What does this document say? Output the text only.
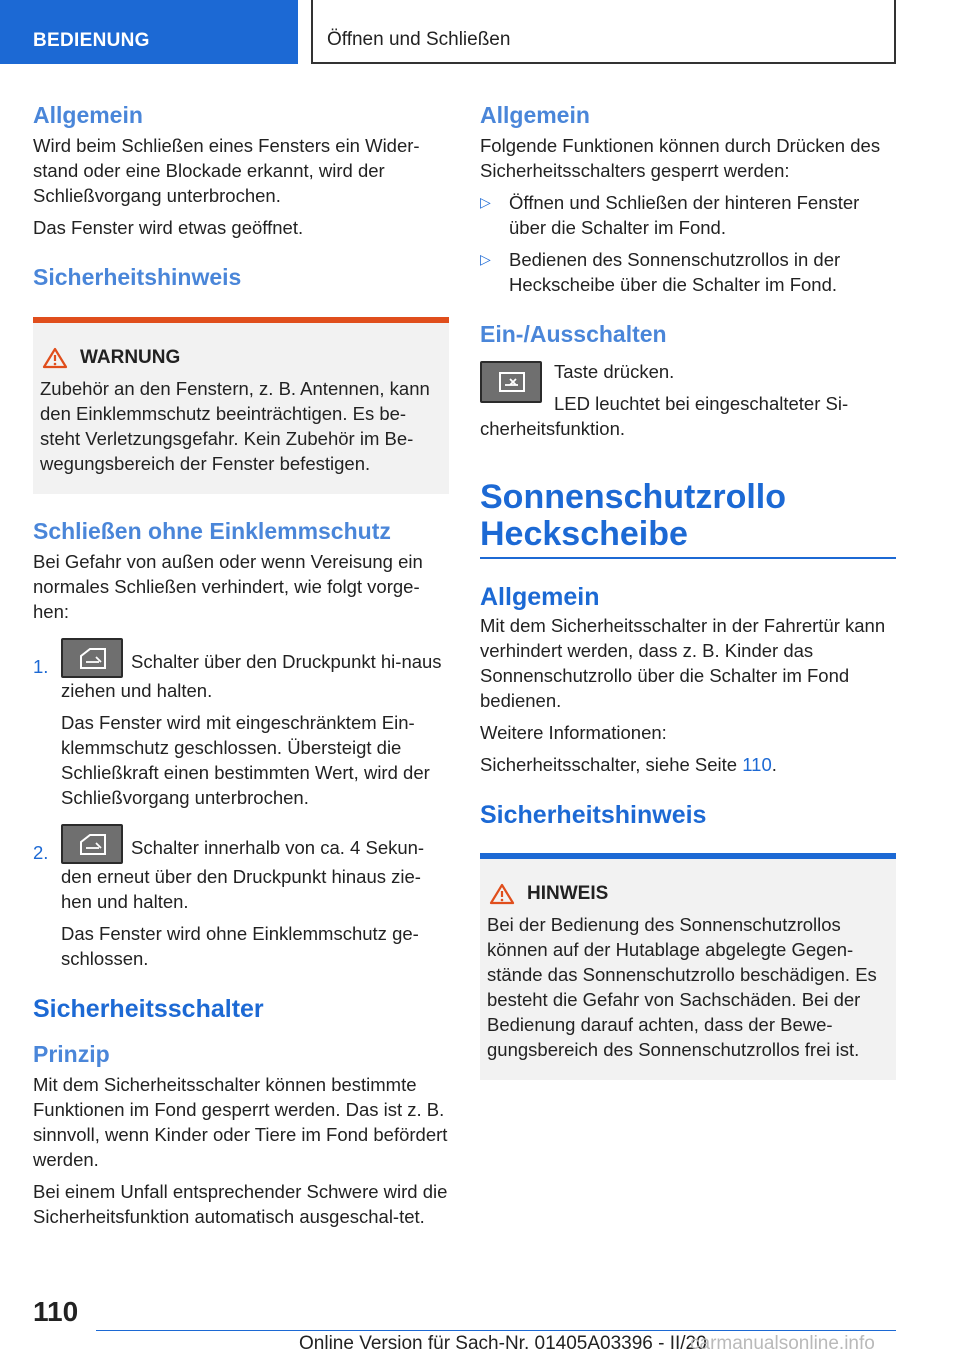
BEDIENUNG	Öffnen und Schließen
Allgemein

Wird beim Schließen eines Fensters ein Wider-stand oder eine Blockade erkannt, wird der Schließvorgang unterbrochen.

Das Fenster wird etwas geöffnet.

Sicherheitshinweis
WARNUNG

Zubehör an den Fenstern, z. B. Antennen, kann den Einklemmschutz beeinträchtigen. Es be-steht Verletzungsgefahr. Kein Zubehör im Be-wegungsbereich der Fenster befestigen.

Schließen ohne Einklemmschutz

Bei Gefahr von außen oder wenn Vereisung ein normales Schließen verhindert, wie folgt vorge-hen:

1.	Schalter über den Druckpunkt hi-naus ziehen und halten.

Das Fenster wird mit eingeschränktem Ein-klemmschutz geschlossen. Übersteigt die Schließkraft einen bestimmten Wert, wird der Schließvorgang unterbrochen.

2.	Schalter innerhalb von ca. 4 Sekun-den erneut über den Druckpunkt hinaus zie-hen und halten.

Das Fenster wird ohne Einklemmschutz ge-schlossen.

Sicherheitsschalter
Prinzip

Mit dem Sicherheitsschalter können bestimmte Funktionen im Fond gesperrt werden. Das ist z. B. sinnvoll, wenn Kinder oder Tiere im Fond befördert werden.

Bei einem Unfall entsprechender Schwere wird die Sicherheitsfunktion automatisch ausgeschal-tet.

Allgemein

Folgende Funktionen können durch Drücken des Sicherheitsschalters gesperrt werden:

▷ Öffnen und Schließen der hinteren Fenster über die Schalter im Fond.

▷ Bedienen des Sonnenschutzrollos in der Heckscheibe über die Schalter im Fond.

Ein-/Ausschalten

Taste drücken.

LED leuchtet bei eingeschalteter Si-cherheitsfunktion.

Sonnenschutzrollo
Heckscheibe
Allgemein

Mit dem Sicherheitsschalter in der Fahrertür kann verhindert werden, dass z. B. Kinder das Sonnenschutzrollo über die Schalter im Fond bedienen.

Weitere Informationen:

Sicherheitsschalter, siehe Seite 110.

Sicherheitshinweis
HINWEIS

Bei der Bedienung des Sonnenschutzrollos können auf der Hutablage abgelegte Gegen-stände das Sonnenschutzrollo beschädigen. Es besteht die Gefahr von Sachschäden. Bei der Bedienung darauf achten, dass der Bewe-gungsbereich des Sonnenschutzrollos frei ist.

110
Online Version für Sach-Nr. 01405A03396 - II/20
carmanualsonline.info
